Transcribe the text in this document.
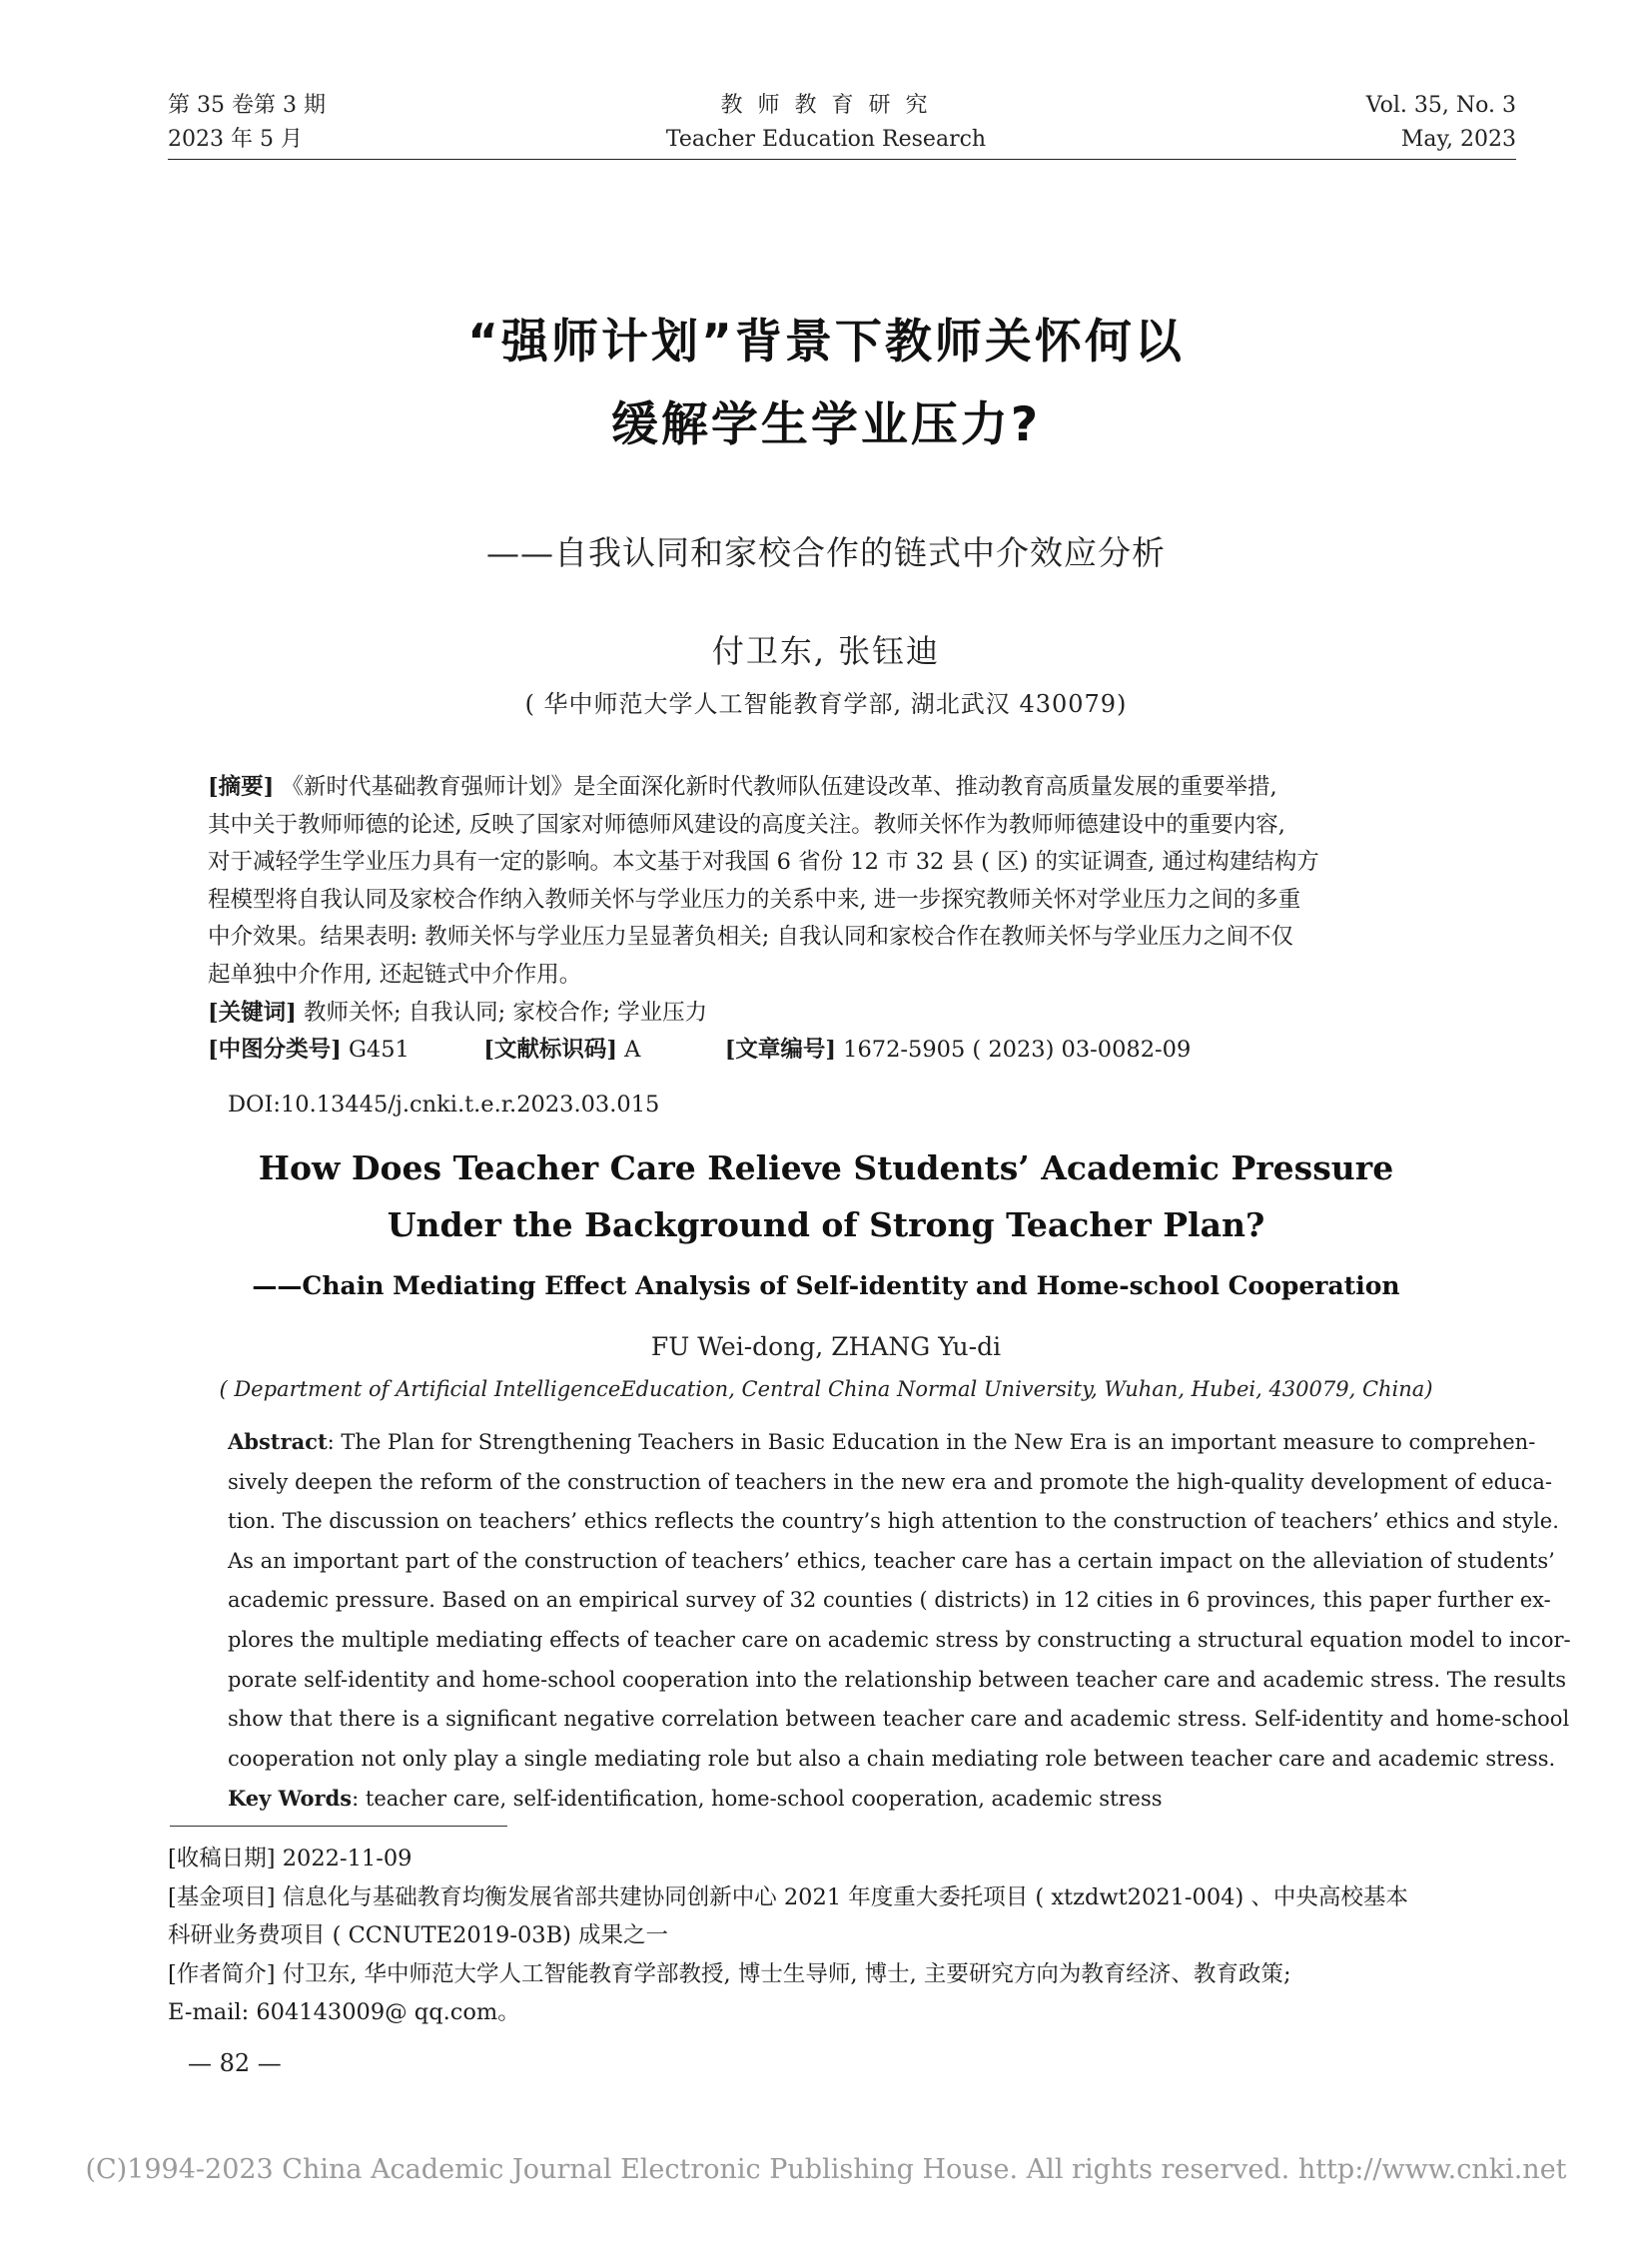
第 35 卷第 3 期
2023 年 5 月
教 师 教 育 研 究
Teacher Education Research
Vol. 35, No. 3
May, 2023
“强师计划”背景下教师关怀何以
缓解学生学业压力?
——自我认同和家校合作的链式中介效应分析
付卫东, 张钰迪
( 华中师范大学人工智能教育学部, 湖北武汉 430079)
[摘要] 《新时代基础教育强师计划》是全面深化新时代教师队伍建设改革、推动教育高质量发展的重要举措,
其中关于教师师德的论述, 反映了国家对师德师风建设的高度关注。教师关怀作为教师师德建设中的重要内容,
对于减轻学生学业压力具有一定的影响。本文基于对我国 6 省份 12 市 32 县 ( 区) 的实证调查, 通过构建结构方
程模型将自我认同及家校合作纳入教师关怀与学业压力的关系中来, 进一步探究教师关怀对学业压力之间的多重
中介效果。结果表明: 教师关怀与学业压力呈显著负相关; 自我认同和家校合作在教师关怀与学业压力之间不仅
起单独中介作用, 还起链式中介作用。
[关键词] 教师关怀; 自我认同; 家校合作; 学业压力
[中图分类号] G451	[文献标识码] A	[文章编号] 1672-5905 ( 2023) 03-0082-09
DOI:10.13445/j.cnki.t.e.r.2023.03.015
How Does Teacher Care Relieve Students’ Academic Pressure
Under the Background of Strong Teacher Plan?
——Chain Mediating Effect Analysis of Self-identity and Home-school Cooperation
FU Wei-dong, ZHANG Yu-di
( Department of Artificial IntelligenceEducation, Central China Normal University, Wuhan, Hubei, 430079, China)
Abstract: The Plan for Strengthening Teachers in Basic Education in the New Era is an important measure to comprehen-
sively deepen the reform of the construction of teachers in the new era and promote the high-quality development of educa-
tion. The discussion on teachers’ ethics reflects the country’s high attention to the construction of teachers’ ethics and style.
As an important part of the construction of teachers’ ethics, teacher care has a certain impact on the alleviation of students’
academic pressure. Based on an empirical survey of 32 counties ( districts) in 12 cities in 6 provinces, this paper further ex-
plores the multiple mediating effects of teacher care on academic stress by constructing a structural equation model to incor-
porate self-identity and home-school cooperation into the relationship between teacher care and academic stress. The results
show that there is a significant negative correlation between teacher care and academic stress. Self-identity and home-school
cooperation not only play a single mediating role but also a chain mediating role between teacher care and academic stress.
Key Words: teacher care, self-identification, home-school cooperation, academic stress
[收稿日期] 2022-11-09
[基金项目] 信息化与基础教育均衡发展省部共建协同创新中心 2021 年度重大委托项目 ( xtzdwt2021-004) 、中央高校基本
科研业务费项目 ( CCNUTE2019-03B) 成果之一
[作者简介] 付卫东, 华中师范大学人工智能教育学部教授, 博士生导师, 博士, 主要研究方向为教育经济、教育政策;
E-mail: 604143009@ qq.com。
— 82 —
(C)1994-2023 China Academic Journal Electronic Publishing House. All rights reserved. http://www.cnki.net
